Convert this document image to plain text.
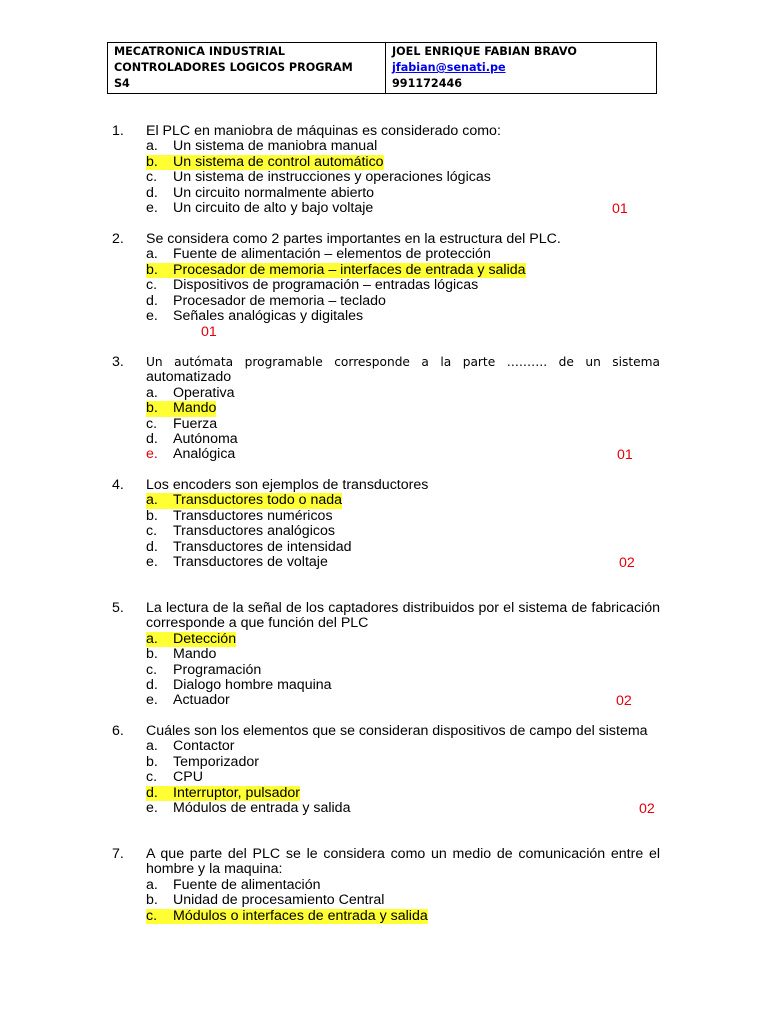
MECATRONICA INDUSTRIAL
CONTROLADORES LOGICOS PROGRAM
S4

JOEL ENRIQUE FABIAN BRAVO
jfabian@senati.pe
991172446
1.	El PLC en maniobra de máquinas es considerado como:
a.	Un sistema de maniobra manual
b.	Un sistema de control automático
c.	Un sistema de instrucciones y operaciones lógicas
d.	Un circuito normalmente abierto
e.	Un circuito de alto y bajo voltaje	01
2.	Se considera como 2 partes importantes en la estructura del PLC.
a.	Fuente de alimentación – elementos de protección
b.	Procesador de memoria – interfaces de entrada y salida
c.	Dispositivos de programación – entradas lógicas
d.	Procesador de memoria – teclado
e.	Señales analógicas y digitales
01
3.	Un autómata programable corresponde a la parte ………. de un sistema
automatizado
a.	Operativa
b.	Mando
c.	Fuerza
d.	Autónoma
e.	Analógica	01
4.	Los encoders son ejemplos de transductores
a.	Transductores todo o nada
b.	Transductores numéricos
c.	Transductores analógicos
d.	Transductores de intensidad
e.	Transductores de voltaje	02
5.	La lectura de la señal de los captadores distribuidos por el sistema de fabricación
corresponde a que función del PLC
a.	Detección
b.	Mando
c.	Programación
d.	Dialogo hombre maquina
e.	Actuador	02
6.	Cuáles son los elementos que se consideran dispositivos de campo del sistema
a.	Contactor
b.	Temporizador
c.	CPU
d.	Interruptor, pulsador
e.	Módulos de entrada y salida	02
7.	A que parte del PLC se le considera como un medio de comunicación entre el
hombre y la maquina:
a.	Fuente de alimentación
b.	Unidad de procesamiento Central
c.	Módulos o interfaces de entrada y salida
